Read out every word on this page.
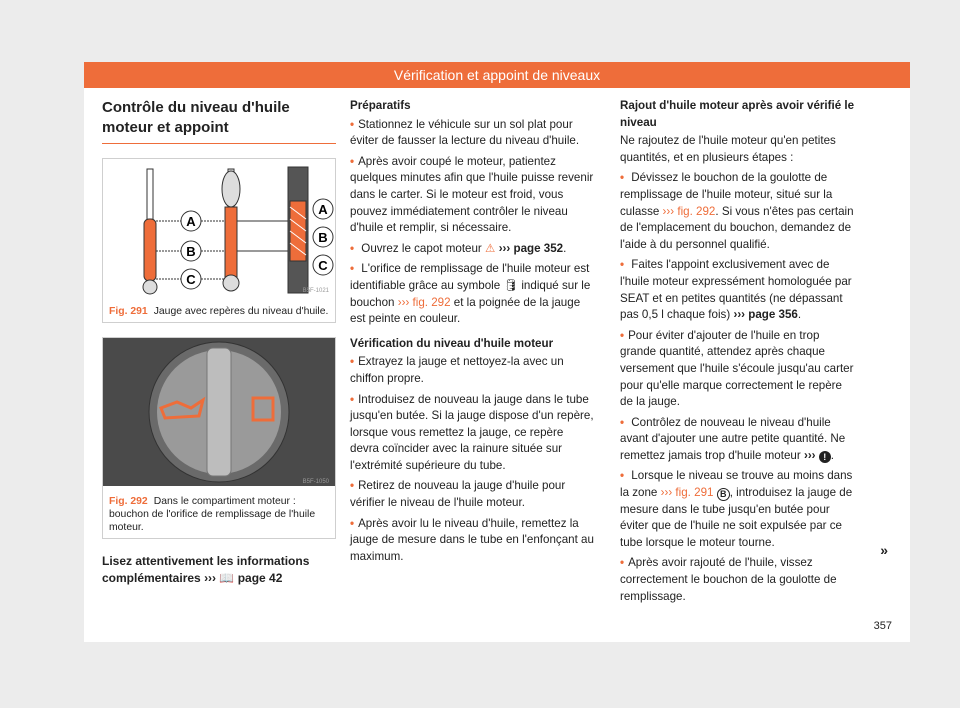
Vérification et appoint de niveaux
Contrôle du niveau d'huile moteur et appoint
A
B
C
A
B
C
B5F-1021
Fig. 291 Jauge avec repères du niveau d'huile.
B5F-1050
Fig. 292 Dans le compartiment moteur : bouchon de l'orifice de remplissage de l'huile moteur.
Lisez attentivement les informations complémentaires ››› 📖 page 42
Préparatifs

• Stationnez le véhicule sur un sol plat pour éviter de fausser la lecture du niveau d'huile.

• Après avoir coupé le moteur, patientez quelques minutes afin que l'huile puisse revenir dans le carter. Si le moteur est froid, vous pouvez immédiatement contrôler le niveau d'huile et remplir, si nécessaire.

• Ouvrez le capot moteur ⚠ ››› page 352.

• L'orifice de remplissage de l'huile moteur est identifiable grâce au symbole 🛢 indiqué sur le bouchon ››› fig. 292 et la poignée de la jauge est peinte en couleur.

Vérification du niveau d'huile moteur

• Extrayez la jauge et nettoyez-la avec un chiffon propre.

• Introduisez de nouveau la jauge dans le tube jusqu'en butée. Si la jauge dispose d'un repère, lorsque vous remettez la jauge, ce repère devra coïncider avec la rainure située sur l'extrémité supérieure du tube.

• Retirez de nouveau la jauge d'huile pour vérifier le niveau de l'huile moteur.

• Après avoir lu le niveau d'huile, remettez la jauge de mesure dans le tube en l'enfonçant au maximum.

Rajout d'huile moteur après avoir vérifié le niveau

Ne rajoutez de l'huile moteur qu'en petites quantités, et en plusieurs étapes :

• Dévissez le bouchon de la goulotte de remplissage de l'huile moteur, situé sur la culasse ››› fig. 292. Si vous n'êtes pas certain de l'emplacement du bouchon, demandez de l'aide à du personnel qualifié.

• Faites l'appoint exclusivement avec de l'huile moteur expressément homologuée par SEAT et en petites quantités (ne dépassant pas 0,5 l chaque fois) ››› page 356.

• Pour éviter d'ajouter de l'huile en trop grande quantité, attendez après chaque versement que l'huile s'écoule jusqu'au carter pour qu'elle marque correctement le repère de la jauge.

• Contrôlez de nouveau le niveau d'huile avant d'ajouter une autre petite quantité. Ne remettez jamais trop d'huile moteur ››› ! .

• Lorsque le niveau se trouve au moins dans la zone ››› fig. 291 B , introduisez la jauge de mesure dans le tube jusqu'en butée pour éviter que de l'huile ne soit expulsée par ce tube lorsque le moteur tourne.

• Après avoir rajouté de l'huile, vissez correctement le bouchon de la goulotte de remplissage.

»
357
